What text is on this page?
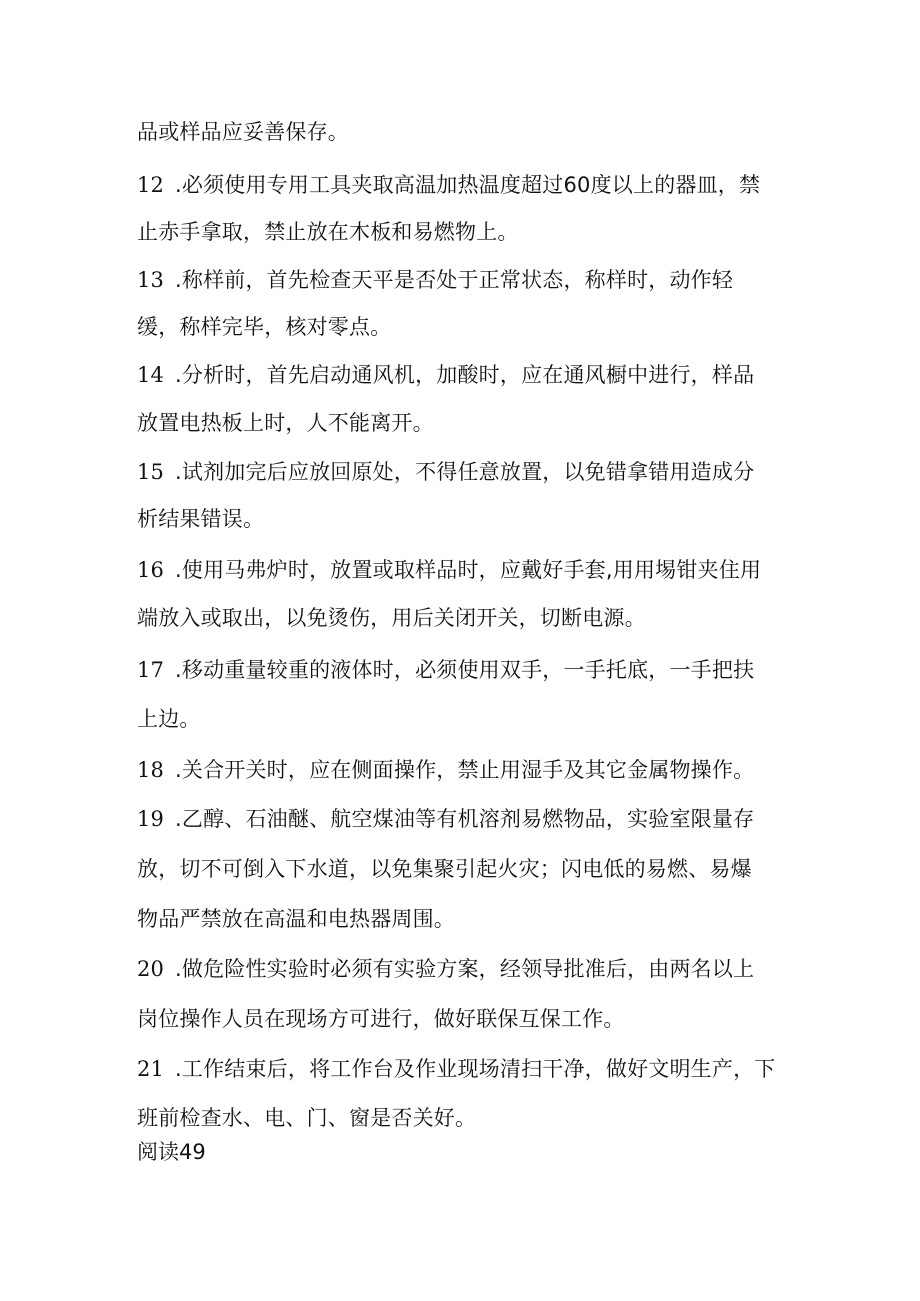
品或样品应妥善保存。
12 .必须使用专用工具夹取高温加热温度超过60度以上的器皿，禁
止赤手拿取，禁止放在木板和易燃物上。
13 .称样前，首先检查天平是否处于正常状态，称样时，动作轻
缓，称样完毕，核对零点。
14 .分析时，首先启动通风机，加酸时，应在通风橱中进行，样品
放置电热板上时，人不能离开。
15 .试剂加完后应放回原处，不得任意放置，以免错拿错用造成分
析结果错误。
16 .使用马弗炉时，放置或取样品时，应戴好手套,用用埸钳夹住用
端放入或取出，以免烫伤，用后关闭开关，切断电源。
17 .移动重量较重的液体时，必须使用双手，一手托底，一手把扶
上边。
18 .关合开关时，应在侧面操作，禁止用湿手及其它金属物操作。
19 .乙醇、石油醚、航空煤油等有机溶剂易燃物品，实验室限量存
放，切不可倒入下水道，以免集聚引起火灾；闪电低的易燃、易爆
物品严禁放在高温和电热器周围。
20 .做危险性实验时必须有实验方案，经领导批准后，由两名以上
岗位操作人员在现场方可进行，做好联保互保工作。
21 .工作结束后，将工作台及作业现场清扫干净，做好文明生产，下
班前检查水、电、门、窗是否关好。
阅读49
